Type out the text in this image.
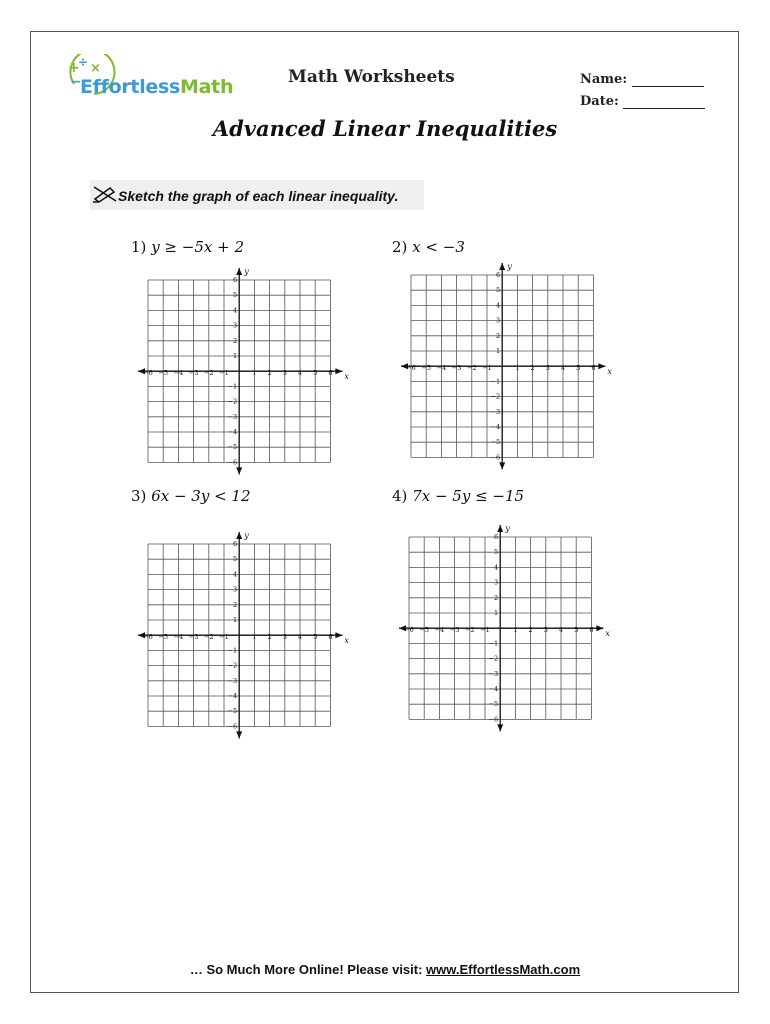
+
÷ ×
−
EffortlessMath	Math Worksheets	Name:
Date:
Advanced Linear Inequalities
Sketch the graph of each linear inequality.
1) y ≥ −5x + 2	2) x < −3
3) 6x − 3y < 12	4) 7x − 5y ≤ −15
−6 −5 −4 −3 −2 −1	1 2 3 4 5 6
6
5
4
3
2
1
−1
−2
−3
−4
−5
−6
x
y
−6 −5 −4 −3 −2 −1	1 2 3 4 5 6
6
5
4
3
2
1
−1
−2
−3
−4
−5
−6
x
y
−6 −5 −4 −3 −2 −1	1 2 3 4 5 6
6
5
4
3
2
1
−1
−2
−3
−4
−5
−6
x
y
−6 −5 −4 −3 −2 −1	1 2 3 4 5 6
6
5
4
3
2
1
−1
−2
−3
−4
−5
−6
x
y
… So Much More Online! Please visit: www.EffortlessMath.com
